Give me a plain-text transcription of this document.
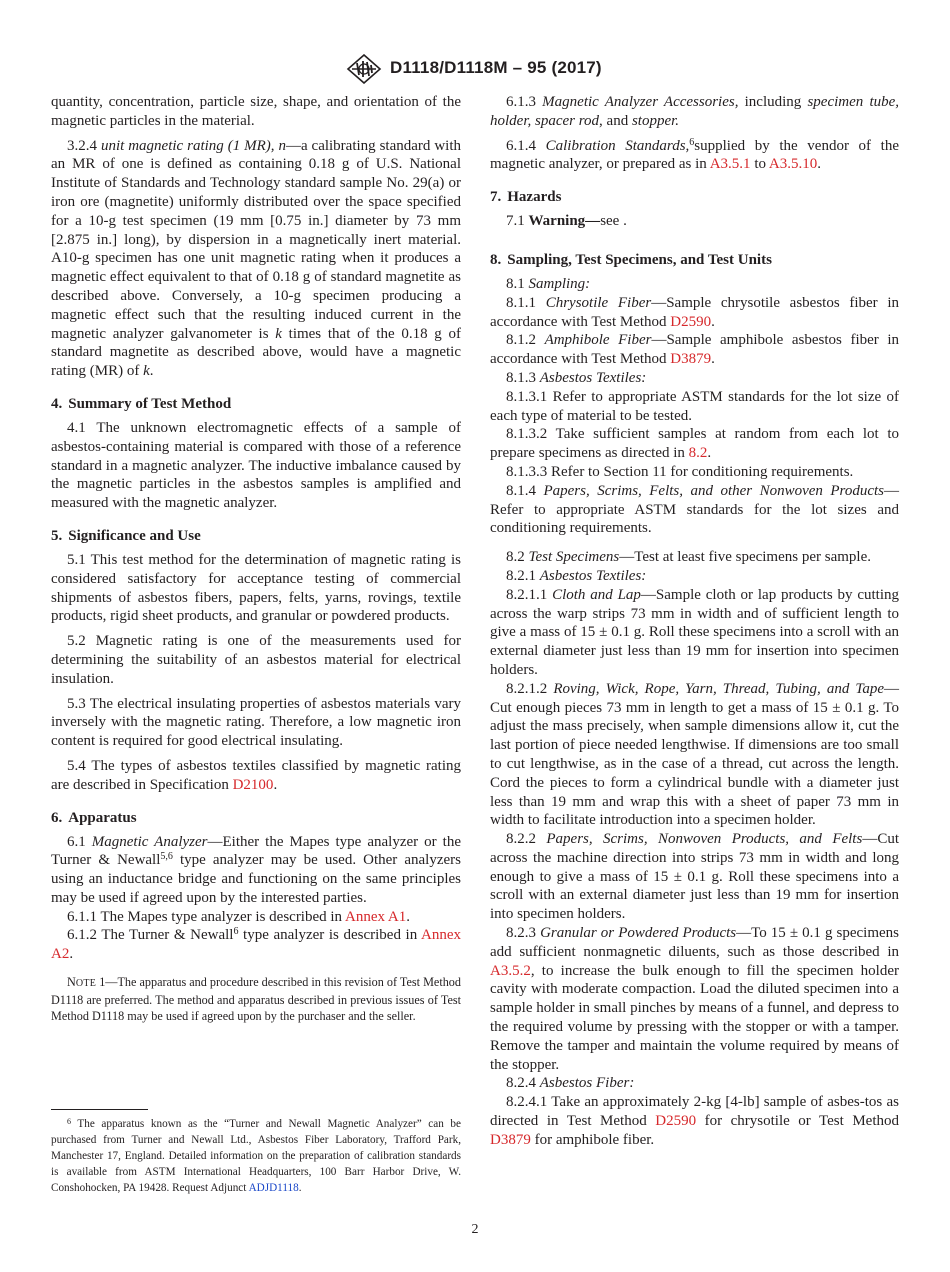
D1118/D1118M – 95 (2017)

quantity, concentration, particle size, shape, and orientation of the magnetic particles in the material.

3.2.4 unit magnetic rating (1 MR), n—a calibrating standard with an MR of one is defined as containing 0.18 g of U.S. National Institute of Standards and Technology standard sample No. 29(a) or iron ore (magnetite) uniformly distributed over the space specified for a 10-g test specimen (19 mm [0.75 in.] diameter by 73 mm [2.875 in.] long), by dispersion in a magnetically inert material. A10-g specimen has one unit magnetic rating when it produces a magnetic effect equivalent to that of 0.18 g of standard magnetite as described above. Conversely, a 10-g specimen producing a magnetic effect such that the resulting induced current in the magnetic analyzer galvanometer is k times that of the 0.18 g of standard magnetite as described above, would have a magnetic rating (MR) of k.

4. Summary of Test Method

4.1 The unknown electromagnetic effects of a sample of asbestos-containing material is compared with those of a reference standard in a magnetic analyzer. The inductive imbalance caused by the magnetic particles in the asbestos samples is amplified and measured with the magnetic analyzer.

5. Significance and Use

5.1 This test method for the determination of magnetic rating is considered satisfactory for acceptance testing of commercial shipments of asbestos fibers, papers, felts, yarns, rovings, textile products, rigid sheet products, and granular or powdered products.

5.2 Magnetic rating is one of the measurements used for determining the suitability of an asbestos material for electrical insulation.

5.3 The electrical insulating properties of asbestos materials vary inversely with the magnetic rating. Therefore, a low magnetic iron content is required for good electrical insulating.

5.4 The types of asbestos textiles classified by magnetic rating are described in Specification D2100.

6. Apparatus

6.1 Magnetic Analyzer—Either the Mapes type analyzer or the Turner & Newall$^{5,6}$ type analyzer may be used. Other analyzers using an inductance bridge and functioning on the same principles may be used if agreed upon by the interested parties.

6.1.1 The Mapes type analyzer is described in Annex A1.

6.1.2 The Turner & Newall$^6$ type analyzer is described in Annex A2.

NOTE 1—The apparatus and procedure described in this revision of Test Method D1118 are preferred. The method and apparatus described in previous issues of Test Method D1118 may be used if agreed upon by the purchaser and the seller.

$^6$ The apparatus known as the “Turner and Newall Magnetic Analyzer” can be purchased from Turner and Newall Ltd., Asbestos Fiber Laboratory, Trafford Park, Manchester 17, England. Detailed information on the preparation of calibration standards is available from ASTM International Headquarters, 100 Barr Harbor Drive, W. Conshohocken, PA 19428. Request Adjunct ADJD1118.

6.1.3 Magnetic Analyzer Accessories, including specimen tube, holder, spacer rod, and stopper.

6.1.4 Calibration Standards,$^6$supplied by the vendor of the magnetic analyzer, or prepared as in A3.5.1 to A3.5.10.

7. Hazards

7.1 Warning—see .

8. Sampling, Test Specimens, and Test Units

8.1 Sampling:

8.1.1 Chrysotile Fiber—Sample chrysotile asbestos fiber in accordance with Test Method D2590.

8.1.2 Amphibole Fiber—Sample amphibole asbestos fiber in accordance with Test Method D3879.

8.1.3 Asbestos Textiles:

8.1.3.1 Refer to appropriate ASTM standards for the lot size of each type of material to be tested.

8.1.3.2 Take sufficient samples at random from each lot to prepare specimens as directed in 8.2.

8.1.3.3 Refer to Section 11 for conditioning requirements.

8.1.4 Papers, Scrims, Felts, and other Nonwoven Products—Refer to appropriate ASTM standards for the lot sizes and conditioning requirements.

8.2 Test Specimens—Test at least five specimens per sample.

8.2.1 Asbestos Textiles:

8.2.1.1 Cloth and Lap—Sample cloth or lap products by cutting across the warp strips 73 mm in width and of sufficient length to give a mass of 15 ± 0.1 g. Roll these specimens into a scroll with an external diameter just less than 19 mm for insertion into specimen holders.

8.2.1.2 Roving, Wick, Rope, Yarn, Thread, Tubing, and Tape—Cut enough pieces 73 mm in length to get a mass of 15 ± 0.1 g. To adjust the mass precisely, when sample dimensions allow it, cut the last portion of piece needed lengthwise. If dimensions are too small to cut lengthwise, as in the case of a thread, cut across the length. Cord the pieces to form a cylindrical bundle with a diameter just less than 19 mm and wrap this with a sheet of paper 73 mm in width to facilitate introduction into a specimen holder.

8.2.2 Papers, Scrims, Nonwoven Products, and Felts—Cut across the machine direction into strips 73 mm in width and long enough to give a mass of 15 ± 0.1 g. Roll these specimens into a scroll with an external diameter just less than 19 mm for insertion into specimen holders.

8.2.3 Granular or Powdered Products—To 15 ± 0.1 g specimens add sufficient nonmagnetic diluents, such as those described in A3.5.2, to increase the bulk enough to fill the specimen holder cavity with moderate compaction. Load the diluted specimen into a sample holder in small pinches by means of a funnel, and depress to the required volume by pressing with the stopper or with a tamper. Remove the tamper and maintain the volume required by means of the stopper.

8.2.4 Asbestos Fiber:

8.2.4.1 Take an approximately 2-kg [4-lb] sample of asbes-tos as directed in Test Method D2590 for chrysotile or Test Method D3879 for amphibole fiber.

2
